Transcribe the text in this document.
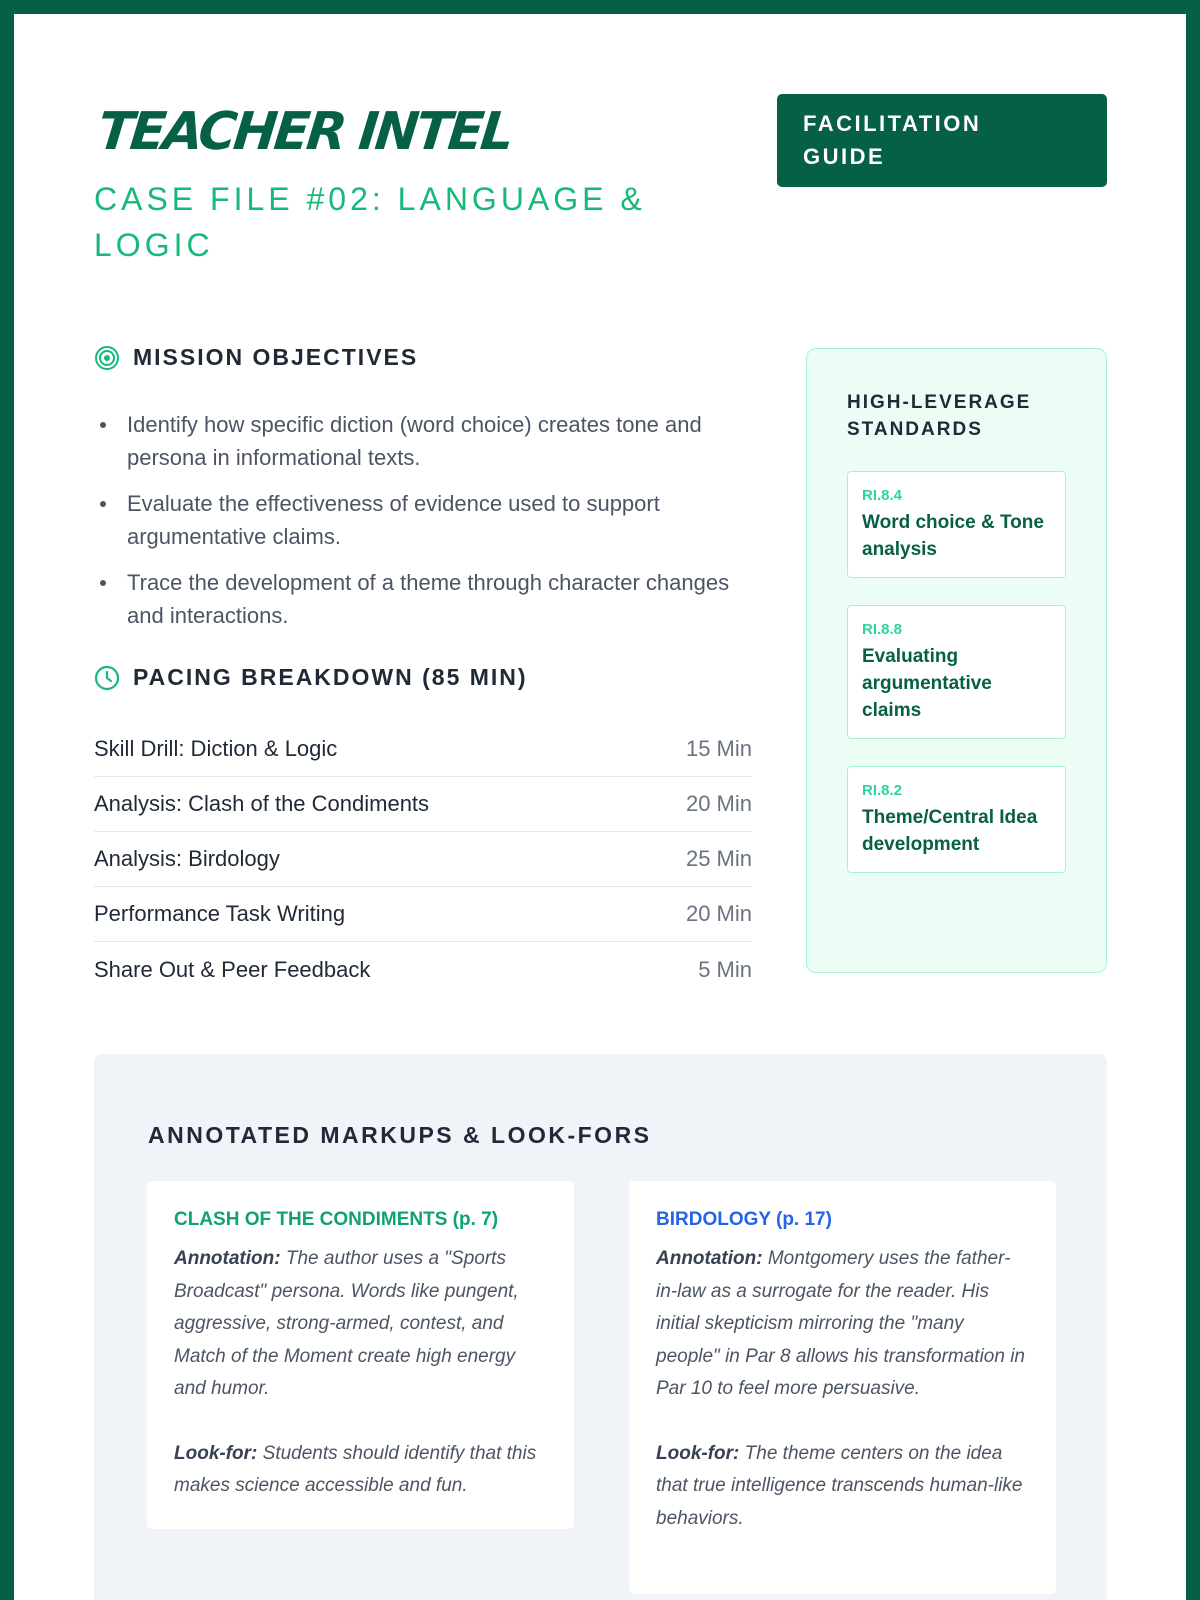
TEACHER INTEL
CASE FILE #02: LANGUAGE & LOGIC
FACILITATION
GUIDE
MISSION OBJECTIVES
Identify how specific diction (word choice) creates tone and persona in informational texts.
Evaluate the effectiveness of evidence used to support argumentative claims.
Trace the development of a theme through character changes and interactions.
PACING BREAKDOWN (85 MIN)
Skill Drill: Diction & Logic	15 Min
Analysis: Clash of the Condiments	20 Min
Analysis: Birdology	25 Min
Performance Task Writing	20 Min
Share Out & Peer Feedback	5 Min
HIGH-LEVERAGE
STANDARDS
RI.8.4
Word choice & Tone analysis
RI.8.8
Evaluating argumentative claims
RI.8.2
Theme/Central Idea development
ANNOTATED MARKUPS & LOOK-FORS
CLASH OF THE CONDIMENTS (p. 7)
Annotation: The author uses a "Sports Broadcast" persona. Words like pungent, aggressive, strong-armed, contest, and Match of the Moment create high energy and humor.
Look-for: Students should identify that this makes science accessible and fun.
BIRDOLOGY (p. 17)
Annotation: Montgomery uses the father-in-law as a surrogate for the reader. His initial skepticism mirroring the "many people" in Par 8 allows his transformation in Par 10 to feel more persuasive.
Look-for: The theme centers on the idea that true intelligence transcends human-like behaviors.
